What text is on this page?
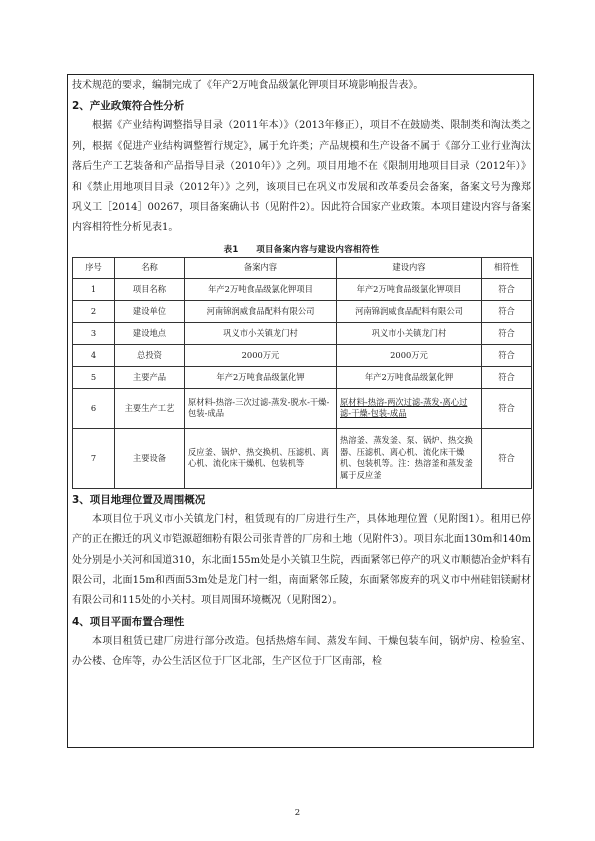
技术规范的要求，编制完成了《年产2万吨食品级氯化钾项目环境影响报告表》。

2、产业政策符合性分析

根据《产业结构调整指导目录（2011年本）》（2013年修正），项目不在鼓励类、限制类和淘汰类之列，根据《促进产业结构调整暂行规定》，属于允许类；产品规模和生产设备不属于《部分工业行业淘汰落后生产工艺装备和产品指导目录（2010年）》之列。项目用地不在《限制用地项目目录（2012年）》和《禁止用地项目目录（2012年）》之列，该项目已在巩义市发展和改革委员会备案，备案文号为豫郑巩义工［2014］00267，项目备案确认书（见附件2）。因此符合国家产业政策。本项目建设内容与备案内容相符性分析见表1。

表1　　项目备案内容与建设内容相符性
序号	名称	备案内容	建设内容	相符性
1	项目名称	年产2万吨食品级氯化钾项目	年产2万吨食品级氯化钾项目	符合
2	建设单位	河南锦润威食品配料有限公司	河南锦润威食品配料有限公司	符合
3	建设地点	巩义市小关镇龙门村	巩义市小关镇龙门村	符合
4	总投资	2000万元	2000万元	符合
5	主要产品	年产2万吨食品级氯化钾	年产2万吨食品级氯化钾	符合
6	主要生产工艺	原材料-热溶-三次过滤-蒸发-脱水-干燥-包装-成品	原材料-热溶-两次过滤-蒸发-离心过滤-干燥-包装-成品	符合
7	主要设备	反应釜、锅炉、热交换机、压滤机、离心机、流化床干燥机、包装机等	热溶釜、蒸发釜、泵、锅炉、热交换器、压滤机、离心机、流化床干燥机、包装机等。注：热溶釜和蒸发釜属于反应釜	符合

3、项目地理位置及周围概况

本项目位于巩义市小关镇龙门村，租赁现有的厂房进行生产，具体地理位置（见附图1）。租用已停产的正在搬迁的巩义市铠源超细粉有限公司张青普的厂房和土地（见附件3）。项目东北面130m和140m处分别是小关河和国道310，东北面155m处是小关镇卫生院，西面紧邻已停产的巩义市顺德冶金炉料有限公司，北面15m和西面53m处是龙门村一组，南面紧邻丘陵，东面紧邻废弃的巩义市中州硅铝镁耐材有限公司和115处的小关村。项目周围环境概况（见附图2）。

4、项目平面布置合理性

本项目租赁已建厂房进行部分改造。包括热熔车间、蒸发车间、干燥包装车间，锅炉房、检验室、办公楼、仓库等，办公生活区位于厂区北部，生产区位于厂区南部，检

2
